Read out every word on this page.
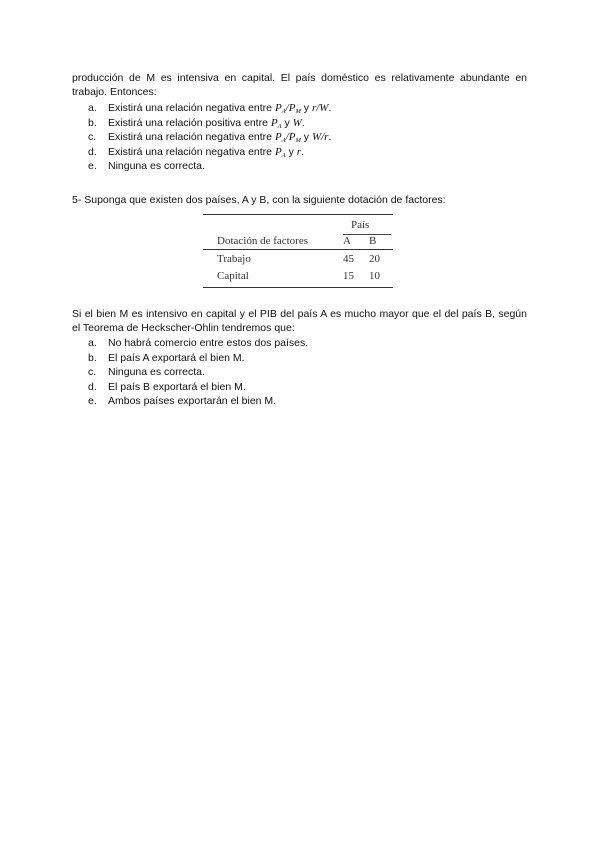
producción de M es intensiva en capital. El país doméstico es relativamente abundante en trabajo. Entonces:
a. Existirá una relación negativa entre $P_A/P_M$ y r/W.
b. Existirá una relación positiva entre $P_A$ y W.
c. Existirá una relación negativa entre $P_A/P_M$ y W/r.
d. Existirá una relación negativa entre $P_A$ y r.
e. Ninguna es correcta.
5- Suponga que existen dos países, A y B, con la siguiente dotación de factores:
País
Dotación de factores	A B
Trabajo	45 20
Capital	15 10
Si el bien M es intensivo en capital y el PIB del país A es mucho mayor que el del país B, según el Teorema de Heckscher-Ohlin tendremos que:
a. No habrá comercio entre estos dos países.
b. El país A exportará el bien M.
c. Ninguna es correcta.
d. El país B exportará el bien M.
e. Ambos países exportarán el bien M.
